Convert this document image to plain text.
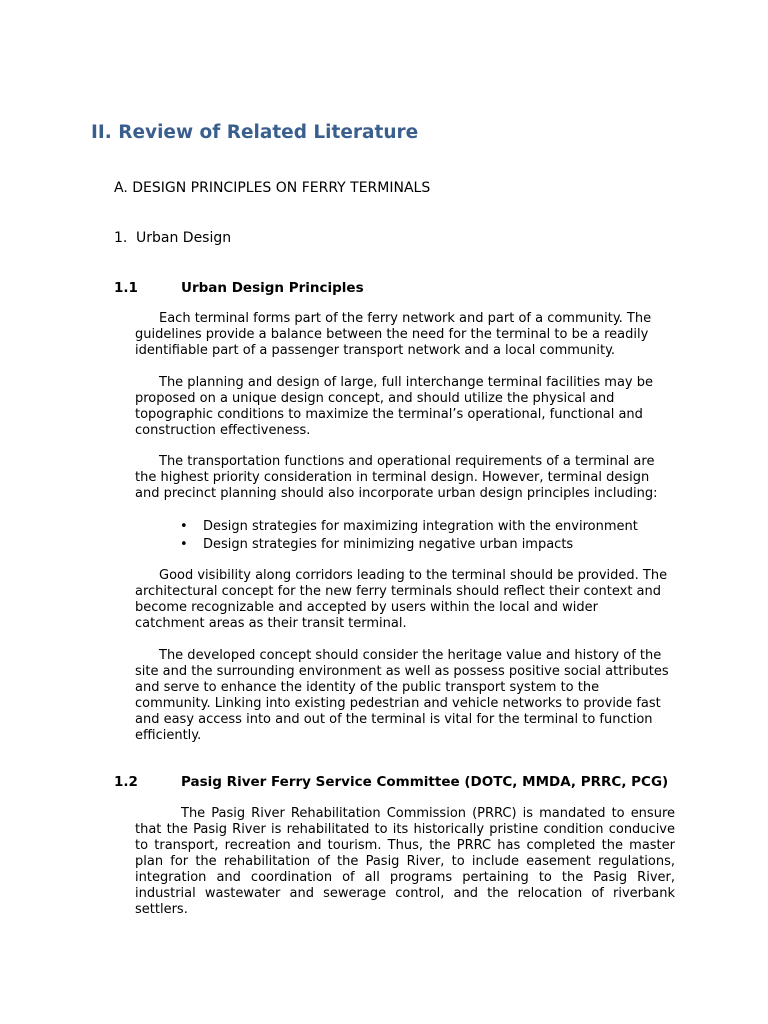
II. Review of Related Literature
A. DESIGN PRINCIPLES ON FERRY TERMINALS
1. Urban Design
1.1	Urban Design Principles
Each terminal forms part of the ferry network and part of a community. The
guidelines provide a balance between the need for the terminal to be a readily
identifiable part of a passenger transport network and a local community.
The planning and design of large, full interchange terminal facilities may be
proposed on a unique design concept, and should utilize the physical and
topographic conditions to maximize the terminal’s operational, functional and
construction effectiveness.
The transportation functions and operational requirements of a terminal are
the highest priority consideration in terminal design. However, terminal design
and precinct planning should also incorporate urban design principles including:
• Design strategies for maximizing integration with the environment
• Design strategies for minimizing negative urban impacts
Good visibility along corridors leading to the terminal should be provided. The
architectural concept for the new ferry terminals should reflect their context and
become recognizable and accepted by users within the local and wider
catchment areas as their transit terminal.
The developed concept should consider the heritage value and history of the
site and the surrounding environment as well as possess positive social attributes
and serve to enhance the identity of the public transport system to the
community. Linking into existing pedestrian and vehicle networks to provide fast
and easy access into and out of the terminal is vital for the terminal to function
efficiently.
1.2	Pasig River Ferry Service Committee (DOTC, MMDA, PRRC, PCG)
The Pasig River Rehabilitation Commission (PRRC) is mandated to ensure
that the Pasig River is rehabilitated to its historically pristine condition conducive
to transport, recreation and tourism. Thus, the PRRC has completed the master
plan for the rehabilitation of the Pasig River, to include easement regulations,
integration and coordination of all programs pertaining to the Pasig River,
industrial wastewater and sewerage control, and the relocation of riverbank
settlers.
